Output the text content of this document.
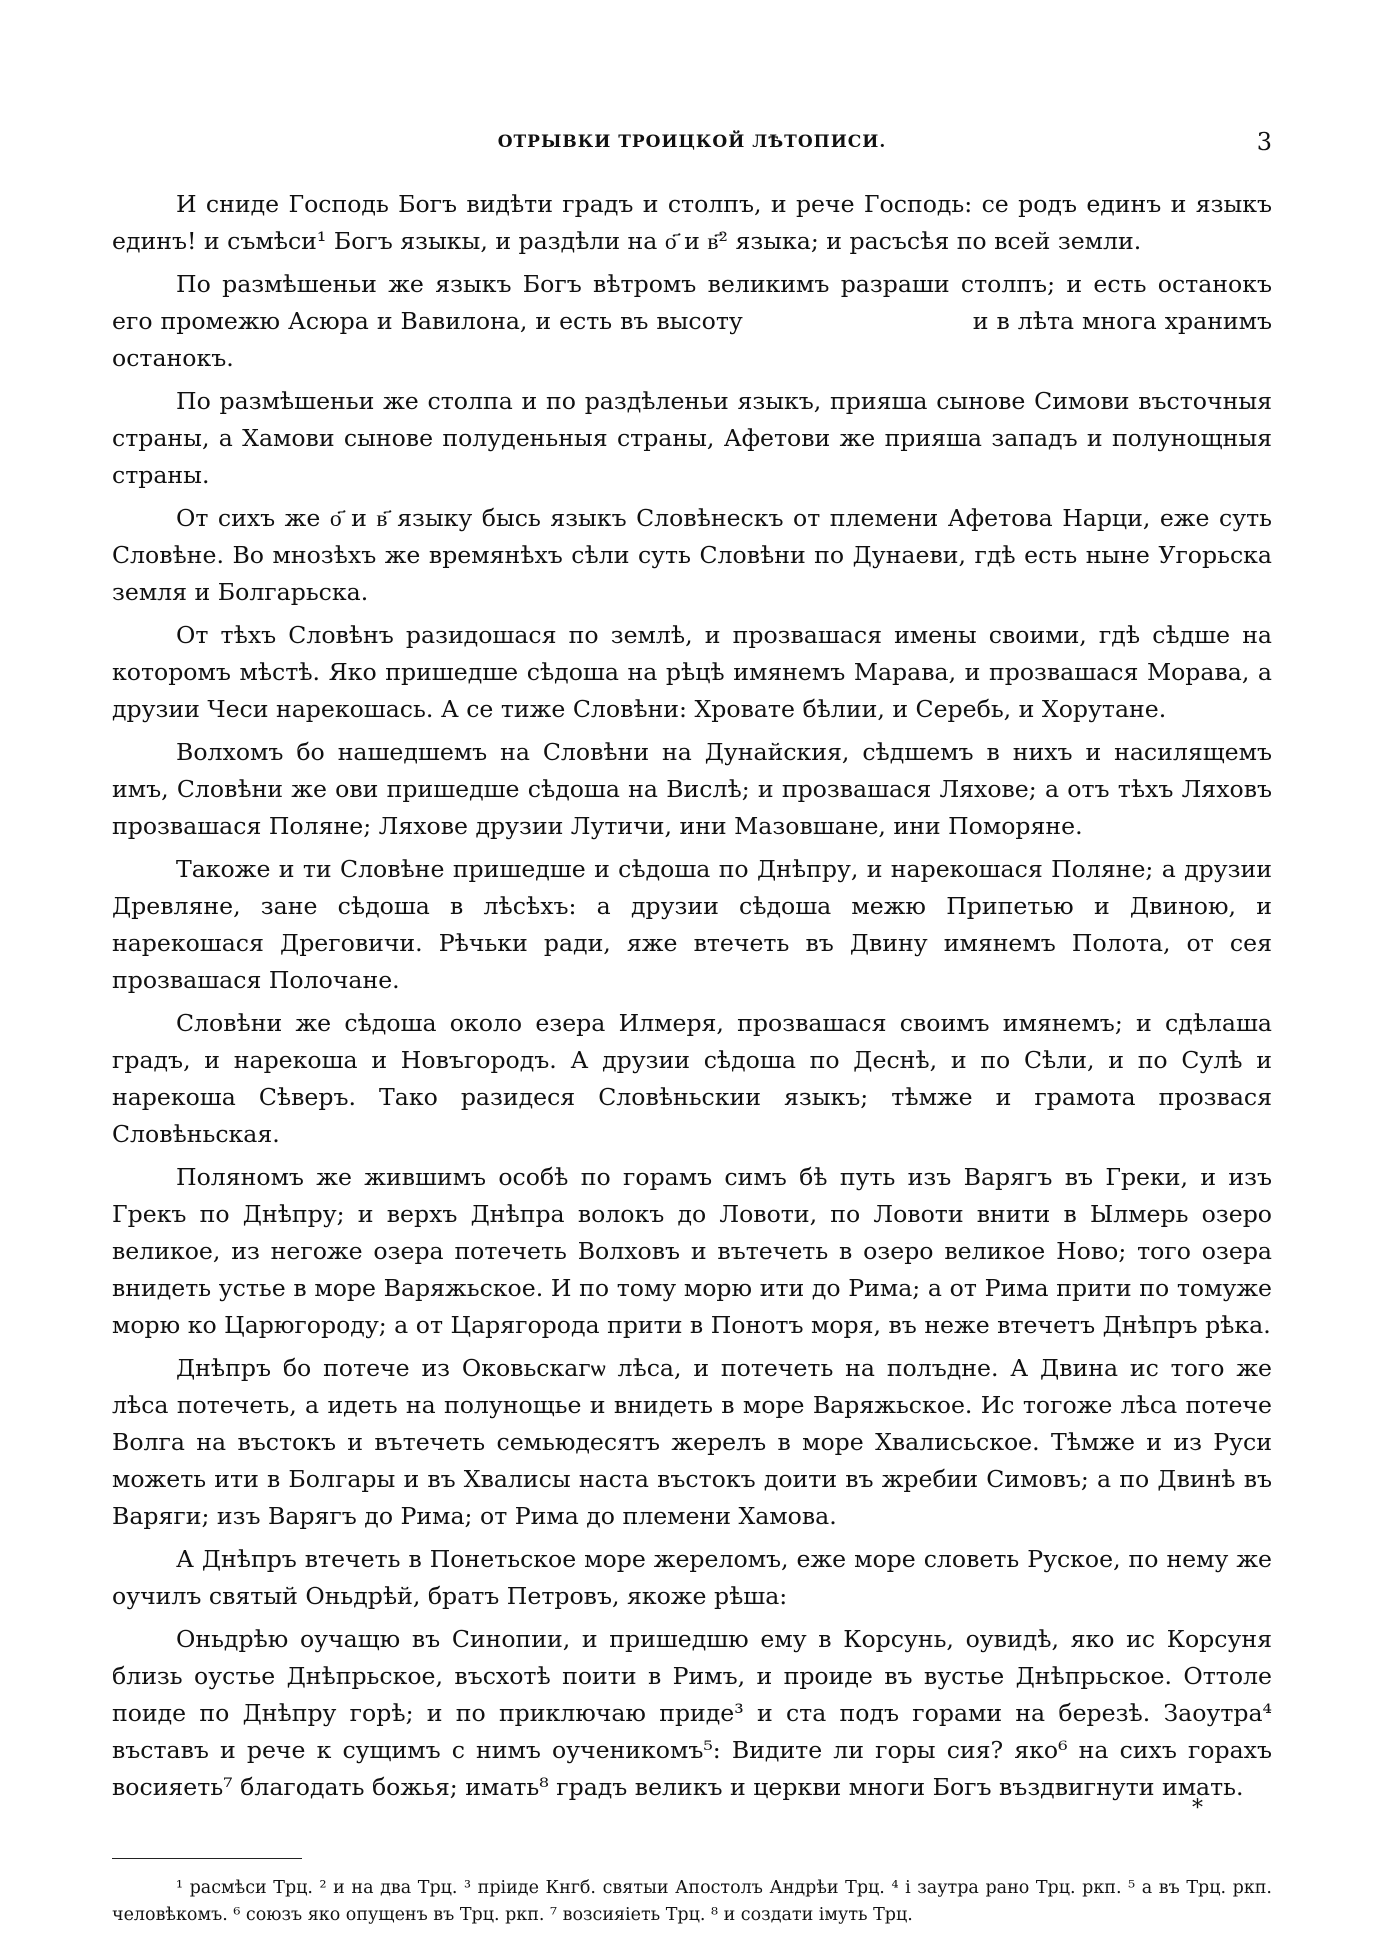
ОТРЫВКИ ТРОИЦКОЙ ЛѢТОПИСИ.	3

И сниде Господь Богъ видѣти градъ и столпъ, и рече Господь: се родъ единъ и языкъ единъ! и съмѣси¹ Богъ языкы, и раздѣли на о҃ и в҃² языка; и расъсѣя по всей земли.

По размѣшеньи же языкъ Богъ вѣтромъ великимъ разраши столпъ; и есть останокъ его промежю Асюра и Вавилона, и есть въ высоту	и в лѣта многа хранимъ останокъ.

По размѣшеньи же столпа и по раздѣленьи языкъ, прияша сынове Симови въсточныя страны, а Хамови сынове полуденьныя страны, Афетови же прияша западъ и полунощныя страны.

От сихъ же о҃ и в҃ языку бысь языкъ Словѣнескъ от племени Афетова Нарци, еже суть Словѣне. Во мнозѣхъ же времянѣхъ сѣли суть Словѣни по Дунаеви, гдѣ есть ныне Угорьска земля и Болгарьска.

От тѣхъ Словѣнъ разидошася по землѣ, и прозвашася имены своими, гдѣ сѣдше на которомъ мѣстѣ. Яко пришедше сѣдоша на рѣцѣ имянемъ Марава, и прозвашася Морава, а друзии Чеси нарекошась. А се тиже Словѣни: Хровате бѣлии, и Серебь, и Хорутане.

Волхомъ бо нашедшемъ на Словѣни на Дунайския, сѣдшемъ в нихъ и насилящемъ имъ, Словѣни же ови пришедше сѣдоша на Вислѣ; и прозвашася Ляхове; а отъ тѣхъ Ляховъ прозвашася Поляне; Ляхове друзии Лутичи, ини Мазовшане, ини Поморяне.

Такоже и ти Словѣне пришедше и сѣдоша по Днѣпру, и нарекошася Поляне; а друзии Древляне, зане сѣдоша в лѣсѣхъ: а друзии сѣдоша межю Припетью и Двиною, и нарекошася Дреговичи. Рѣчьки ради, яже втечеть въ Двину имянемъ Полота, от сея прозвашася Полочане.

Словѣни же сѣдоша около езера Илмеря, прозвашася своимъ имянемъ; и сдѣлаша градъ, и нарекоша и Новъгородъ. А друзии сѣдоша по Деснѣ, и по Сѣли, и по Сулѣ и нарекоша Сѣверъ. Тако разидеся Словѣньскии языкъ; тѣмже и грамота прозвася Словѣньская.

Поляномъ же жившимъ особѣ по горамъ симъ бѣ путь изъ Варягъ въ Греки, и изъ Грекъ по Днѣпру; и верхъ Днѣпра волокъ до Ловоти, по Ловоти внити в Ылмерь озеро великое, из негоже озера потечеть Волховъ и вътечеть в озеро великое Ново; того озера внидеть устье в море Варяжьское. И по тому морю ити до Рима; а от Рима прити по томуже морю ко Царюгороду; а от Царягорода прити в Понотъ моря, въ неже втечетъ Днѣпръ рѣка.

Днѣпръ бо потече из Оковьскагѡ лѣса, и потечеть на полъдне. А Двина ис того же лѣса потечеть, а идеть на полунощье и внидеть в море Варяжьское. Ис тогоже лѣса потече Волга на въстокъ и вътечеть семьюдесятъ жерелъ в море Хвалисьское. Тѣмже и из Руси можеть ити в Болгары и въ Хвалисы наста въстокъ доити въ жребии Симовъ; а по Двинѣ въ Варяги; изъ Варягъ до Рима; от Рима до племени Хамова.

А Днѣпръ втечеть в Понетьское море жереломъ, еже море словеть Руское, по нему же оучилъ святый Оньдрѣй, братъ Петровъ, якоже рѣша:

Оньдрѣю оучащю въ Синопии, и пришедшю ему в Корсунь, оувидѣ, яко ис Корсуня близь оустье Днѣпрьское, въсхотѣ поити в Римъ, и проиде въ вустье Днѣпрьское. Оттоле поиде по Днѣпру горѣ; и по приключаю приде³ и ста подъ горами на березѣ. Заоутра⁴ въставъ и рече к сущимъ с нимъ оученикомъ⁵: Видите ли горы сия? яко⁶ на сихъ горахъ восияеть⁷ благодать божья; имать⁸ градъ великъ и церкви многи Богъ въздвигнути имать.

¹ расмѣси Трц. ² и на два Трц. ³ пріиде Кнгб. святыи Апостолъ Андрѣи Трц. ⁴ і заутра рано Трц. ркп. ⁵ а въ Трц. ркп. человѣкомъ. ⁶ союзъ яко опущенъ въ Трц. ркп. ⁷ возсияіеть Трц. ⁸ и создати імуть Трц.
*
